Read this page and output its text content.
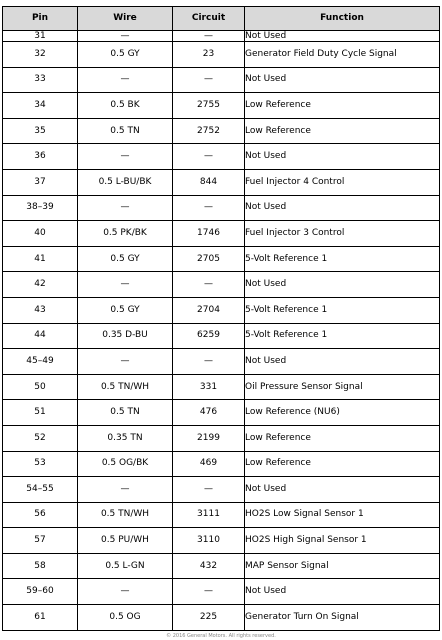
Pin	Wire	Circuit	Function
31	—	—	Not Used
32	0.5 GY	23	Generator Field Duty Cycle Signal
33	—	—	Not Used
34	0.5 BK	2755	Low Reference
35	0.5 TN	2752	Low Reference
36	—	—	Not Used
37	0.5 L-BU/BK	844	Fuel Injector 4 Control
38–39	—	—	Not Used
40	0.5 PK/BK	1746	Fuel Injector 3 Control
41	0.5 GY	2705	5-Volt Reference 1
42	—	—	Not Used
43	0.5 GY	2704	5-Volt Reference 1
44	0.35 D-BU	6259	5-Volt Reference 1
45–49	—	—	Not Used
50	0.5 TN/WH	331	Oil Pressure Sensor Signal
51	0.5 TN	476	Low Reference (NU6)
52	0.35 TN	2199	Low Reference
53	0.5 OG/BK	469	Low Reference
54–55	—	—	Not Used
56	0.5 TN/WH	3111	HO2S Low Signal Sensor 1
57	0.5 PU/WH	3110	HO2S High Signal Sensor 1
58	0.5 L-GN	432	MAP Sensor Signal
59–60	—	—	Not Used
61	0.5 OG	225	Generator Turn On Signal
© 2016 General Motors. All rights reserved.
